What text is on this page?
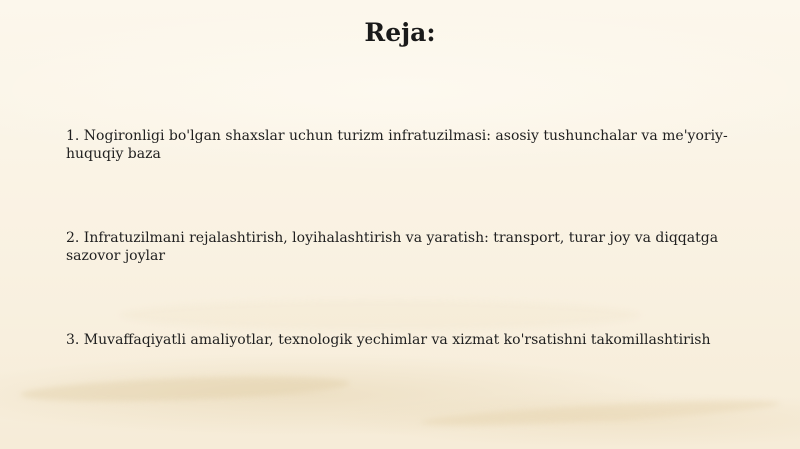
Reja:

1. Nogironligi bo'lgan shaxslar uchun turizm infratuzilmasi: asosiy tushunchalar va me'yoriy-huquqiy baza

2. Infratuzilmani rejalashtirish, loyihalashtirish va yaratish: transport, turar joy va diqqatga sazovor joylar

3. Muvaffaqiyatli amaliyotlar, texnologik yechimlar va xizmat ko'rsatishni takomillashtirish
